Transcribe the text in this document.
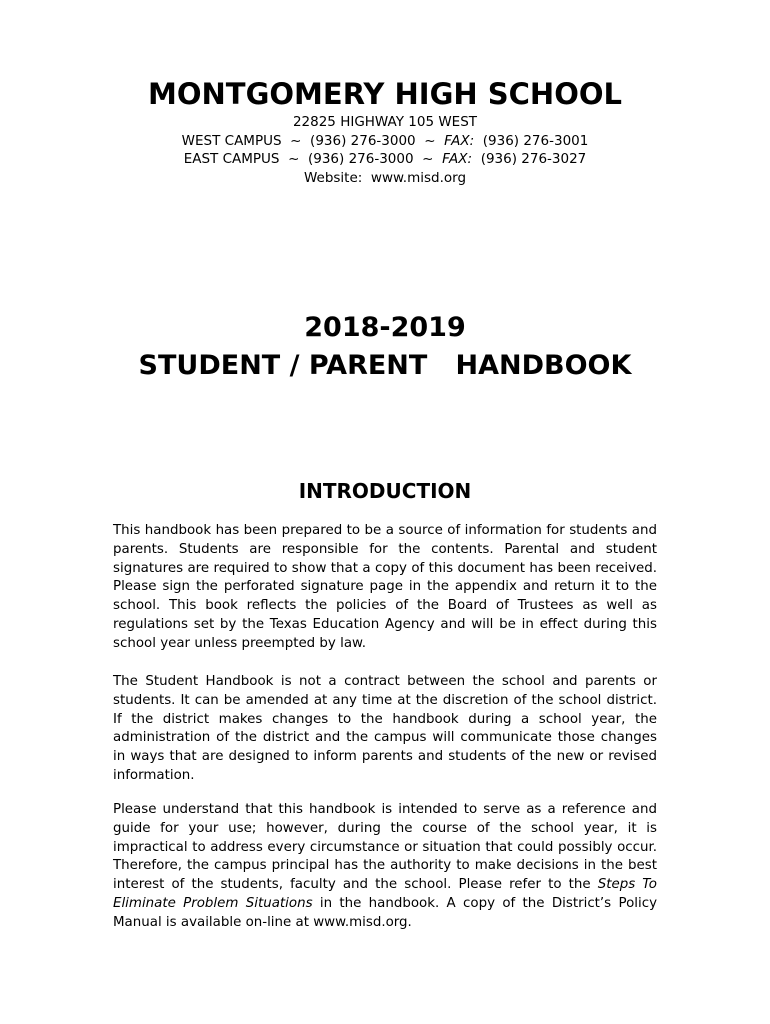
MONTGOMERY HIGH SCHOOL
22825 HIGHWAY 105 WEST
WEST CAMPUS ~ (936) 276-3000 ~ FAX: (936) 276-3001
EAST CAMPUS ~ (936) 276-3000 ~ FAX: (936) 276-3027
Website: www.misd.org
2018-2019
STUDENT / PARENT   HANDBOOK
INTRODUCTION

This handbook has been prepared to be a source of information for students and parents. Students are responsible for the contents. Parental and student signatures are required to show that a copy of this document has been received. Please sign the perforated signature page in the appendix and return it to the school. This book reflects the policies of the Board of Trustees as well as regulations set by the Texas Education Agency and will be in effect during this school year unless preempted by law.

The Student Handbook is not a contract between the school and parents or students. It can be amended at any time at the discretion of the school district. If the district makes changes to the handbook during a school year, the administration of the district and the campus will communicate those changes in ways that are designed to inform parents and students of the new or revised information.

Please understand that this handbook is intended to serve as a reference and guide for your use; however, during the course of the school year, it is impractical to address every circumstance or situation that could possibly occur. Therefore, the campus principal has the authority to make decisions in the best interest of the students, faculty and the school. Please refer to the Steps To Eliminate Problem Situations in the handbook. A copy of the District’s Policy Manual is available on-line at www.misd.org.
